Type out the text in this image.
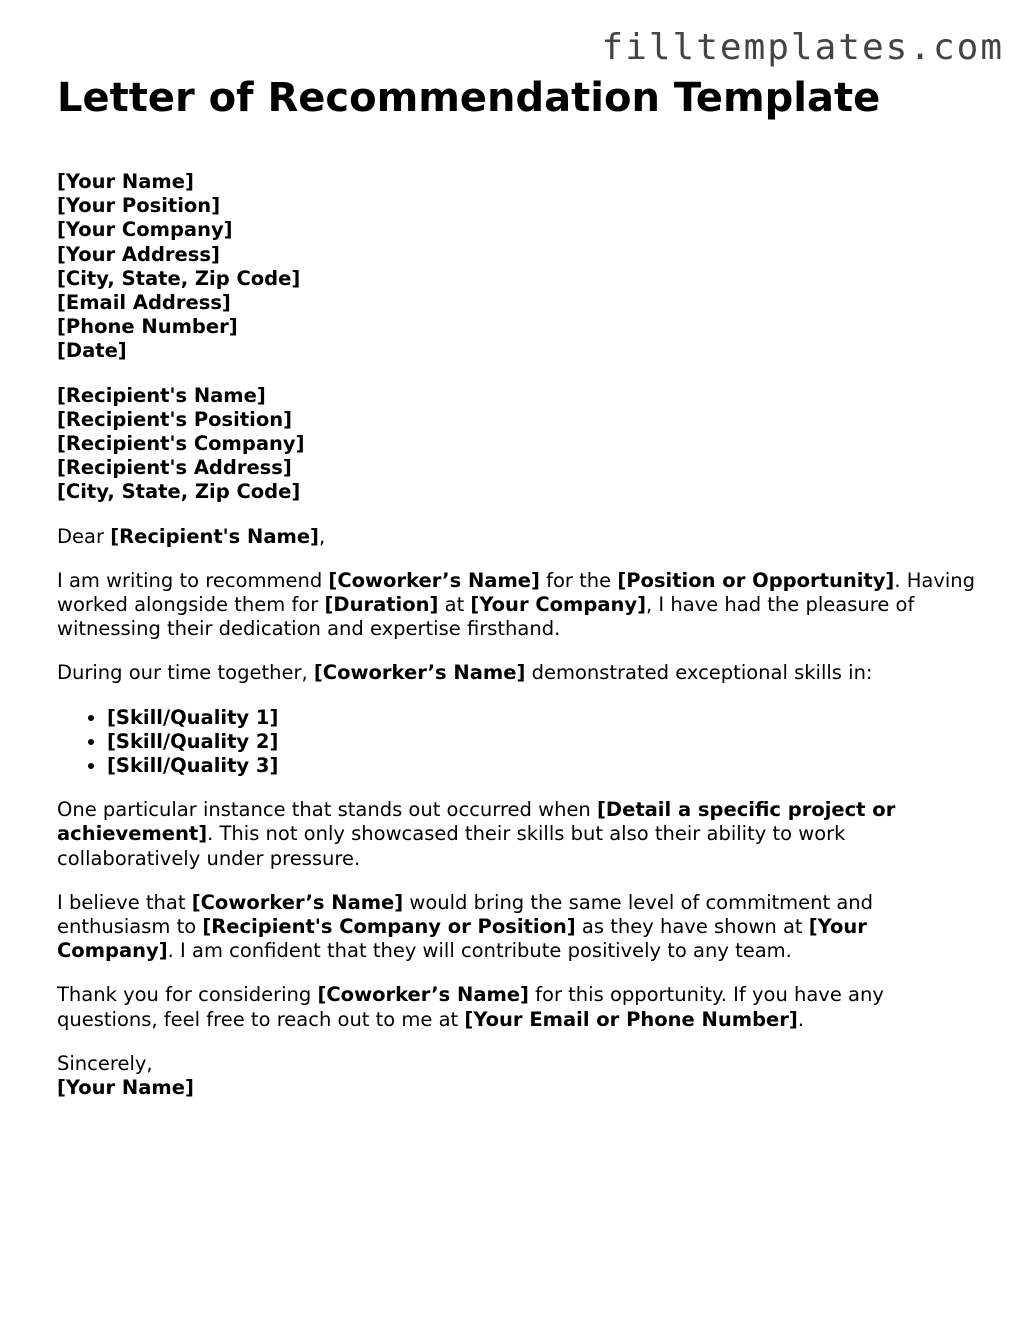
filltemplates.com
Letter of Recommendation Template
[Your Name]
[Your Position]
[Your Company]
[Your Address]
[City, State, Zip Code]
[Email Address]
[Phone Number]
[Date]
[Recipient's Name]
[Recipient's Position]
[Recipient's Company]
[Recipient's Address]
[City, State, Zip Code]

Dear [Recipient's Name],

I am writing to recommend [Coworker’s Name] for the [Position or Opportunity]. Having worked alongside them for [Duration] at [Your Company], I have had the pleasure of witnessing their dedication and expertise firsthand.

During our time together, [Coworker’s Name] demonstrated exceptional skills in:

• [Skill/Quality 1]
• [Skill/Quality 2]
• [Skill/Quality 3]

One particular instance that stands out occurred when [Detail a specific project or achievement]. This not only showcased their skills but also their ability to work collaboratively under pressure.

I believe that [Coworker’s Name] would bring the same level of commitment and enthusiasm to [Recipient's Company or Position] as they have shown at [Your Company]. I am confident that they will contribute positively to any team.

Thank you for considering [Coworker’s Name] for this opportunity. If you have any questions, feel free to reach out to me at [Your Email or Phone Number].

Sincerely,
[Your Name]
